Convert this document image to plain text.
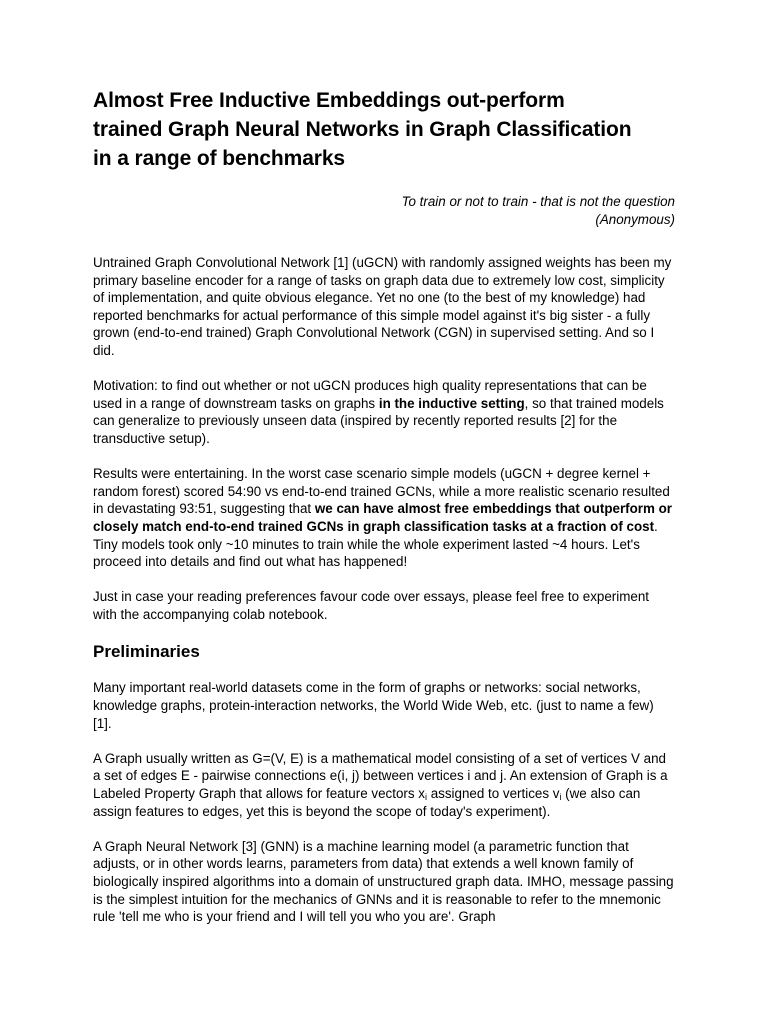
Almost Free Inductive Embeddings out-perform trained Graph Neural Networks in Graph Classification in a range of benchmarks
To train or not to train - that is not the question
(Anonymous)

Untrained Graph Convolutional Network [1] (uGCN) with randomly assigned weights has been my primary baseline encoder for a range of tasks on graph data due to extremely low cost, simplicity of implementation, and quite obvious elegance. Yet no one (to the best of my knowledge) had reported benchmarks for actual performance of this simple model against it's big sister - a fully grown (end-to-end trained) Graph Convolutional Network (CGN) in supervised setting. And so I did.

Motivation: to find out whether or not uGCN produces high quality representations that can be used in a range of downstream tasks on graphs in the inductive setting, so that trained models can generalize to previously unseen data (inspired by recently reported results [2] for the transductive setup).

Results were entertaining. In the worst case scenario simple models (uGCN + degree kernel + random forest) scored 54:90 vs end-to-end trained GCNs, while a more realistic scenario resulted in devastating 93:51, suggesting that we can have almost free embeddings that outperform or closely match end-to-end trained GCNs in graph classification tasks at a fraction of cost. Tiny models took only ~10 minutes to train while the whole experiment lasted ~4 hours. Let's proceed into details and find out what has happened!

Just in case your reading preferences favour code over essays, please feel free to experiment with the accompanying colab notebook.

Preliminaries

Many important real-world datasets come in the form of graphs or networks: social networks, knowledge graphs, protein-interaction networks, the World Wide Web, etc. (just to name a few) [1].

A Graph usually written as G=(V, E) is a mathematical model consisting of a set of vertices V and a set of edges E - pairwise connections e(i, j) between vertices i and j. An extension of Graph is a Labeled Property Graph that allows for feature vectors $x_i$ assigned to vertices $v_i$ (we also can assign features to edges, yet this is beyond the scope of today's experiment).

A Graph Neural Network [3] (GNN) is a machine learning model (a parametric function that adjusts, or in other words learns, parameters from data) that extends a well known family of biologically inspired algorithms into a domain of unstructured graph data. IMHO, message passing is the simplest intuition for the mechanics of GNNs and it is reasonable to refer to the mnemonic rule 'tell me who is your friend and I will tell you who you are'. Graph
